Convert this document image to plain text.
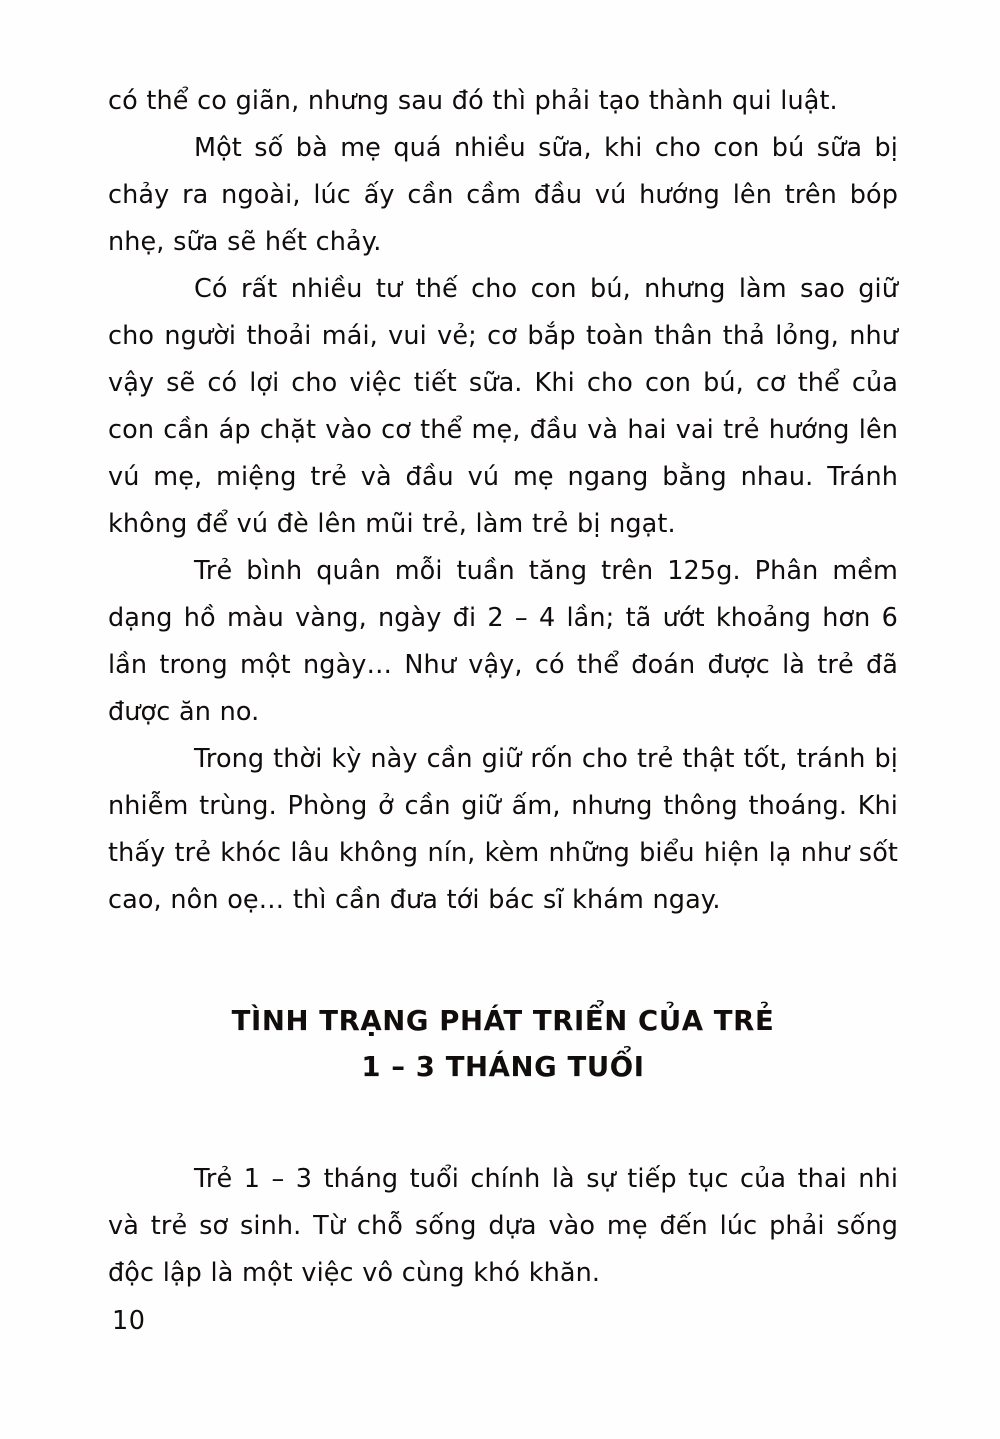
có thể co giãn, nhưng sau đó thì phải tạo thành qui luật.

Một số bà mẹ quá nhiều sữa, khi cho con bú sữa bị chảy ra ngoài, lúc ấy cần cầm đầu vú hướng lên trên bóp nhẹ, sữa sẽ hết chảy.

Có rất nhiều tư thế cho con bú, nhưng làm sao giữ cho người thoải mái, vui vẻ; cơ bắp toàn thân thả lỏng, như vậy sẽ có lợi cho việc tiết sữa. Khi cho con bú, cơ thể của con cần áp chặt vào cơ thể mẹ, đầu và hai vai trẻ hướng lên vú mẹ, miệng trẻ và đầu vú mẹ ngang bằng nhau. Tránh không để vú đè lên mũi trẻ, làm trẻ bị ngạt.

Trẻ bình quân mỗi tuần tăng trên 125g. Phân mềm dạng hồ màu vàng, ngày đi 2 – 4 lần; tã ướt khoảng hơn 6 lần trong một ngày… Như vậy, có thể đoán được là trẻ đã được ăn no.

Trong thời kỳ này cần giữ rốn cho trẻ thật tốt, tránh bị nhiễm trùng. Phòng ở cần giữ ấm, nhưng thông thoáng. Khi thấy trẻ khóc lâu không nín, kèm những biểu hiện lạ như sốt cao, nôn oẹ… thì cần đưa tới bác sĩ khám ngay.

TÌNH TRẠNG PHÁT TRIỂN CỦA TRẺ
1 – 3 THÁNG TUỔI

Trẻ 1 – 3 tháng tuổi chính là sự tiếp tục của thai nhi và trẻ sơ sinh. Từ chỗ sống dựa vào mẹ đến lúc phải sống độc lập là một việc vô cùng khó khăn.

10
